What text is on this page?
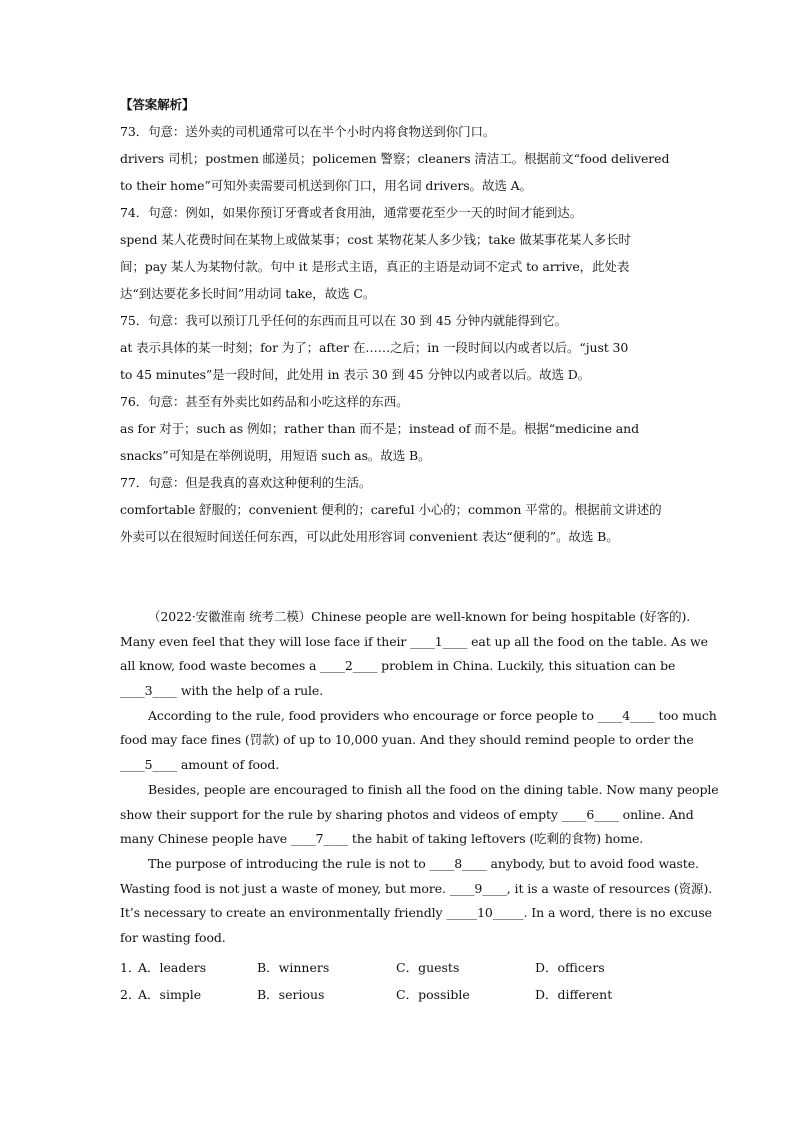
【答案解析】
73．句意：送外卖的司机通常可以在半个小时内将食物送到你门口。
drivers 司机；postmen 邮递员；policemen 警察；cleaners 清洁工。根据前文“food delivered
to their home”可知外卖需要司机送到你门口，用名词 drivers。故选 A。
74．句意：例如，如果你预订牙膏或者食用油，通常要花至少一天的时间才能到达。
spend 某人花费时间在某物上或做某事；cost 某物花某人多少钱；take 做某事花某人多长时
间；pay 某人为某物付款。句中 it 是形式主语，真正的主语是动词不定式 to arrive，此处表
达“到达要花多长时间”用动词 take，故选 C。
75．句意：我可以预订几乎任何的东西而且可以在 30 到 45 分钟内就能得到它。
at 表示具体的某一时刻；for 为了；after 在……之后；in 一段时间以内或者以后。“just 30
to 45 minutes”是一段时间，此处用 in 表示 30 到 45 分钟以内或者以后。故选 D。
76．句意：甚至有外卖比如药品和小吃这样的东西。
as for 对于；such as 例如；rather than 而不是；instead of 而不是。根据“medicine and
snacks”可知是在举例说明，用短语 such as。故选 B。
77．句意：但是我真的喜欢这种便利的生活。
comfortable 舒服的；convenient 便利的；careful 小心的；common 平常的。根据前文讲述的
外卖可以在很短时间送任何东西，可以此处用形容词 convenient 表达“便利的”。故选 B。
（2022·安徽淮南 统考二模）Chinese people are well-known for being hospitable (好客的).
Many even feel that they will lose face if their ____1____ eat up all the food on the table. As we
all know, food waste becomes a ____2____ problem in China. Luckily, this situation can be
____3____ with the help of a rule.
According to the rule, food providers who encourage or force people to ____4____ too much
food may face fines (罚款) of up to 10,000 yuan. And they should remind people to order the
____5____ amount of food.
Besides, people are encouraged to finish all the food on the dining table. Now many people
show their support for the rule by sharing photos and videos of empty ____6____ online. And
many Chinese people have ____7____ the habit of taking leftovers (吃剩的食物) home.
The purpose of introducing the rule is not to ____8____ anybody, but to avoid food waste.
Wasting food is not just a waste of money, but more. ____9____, it is a waste of resources (资源).
It’s necessary to create an environmentally friendly _____10_____. In a word, there is no excuse
for wasting food.
1．
A．leaders	B．winners	C．guests	D．officers
2．
A．simple	B．serious	C．possible	D．different
